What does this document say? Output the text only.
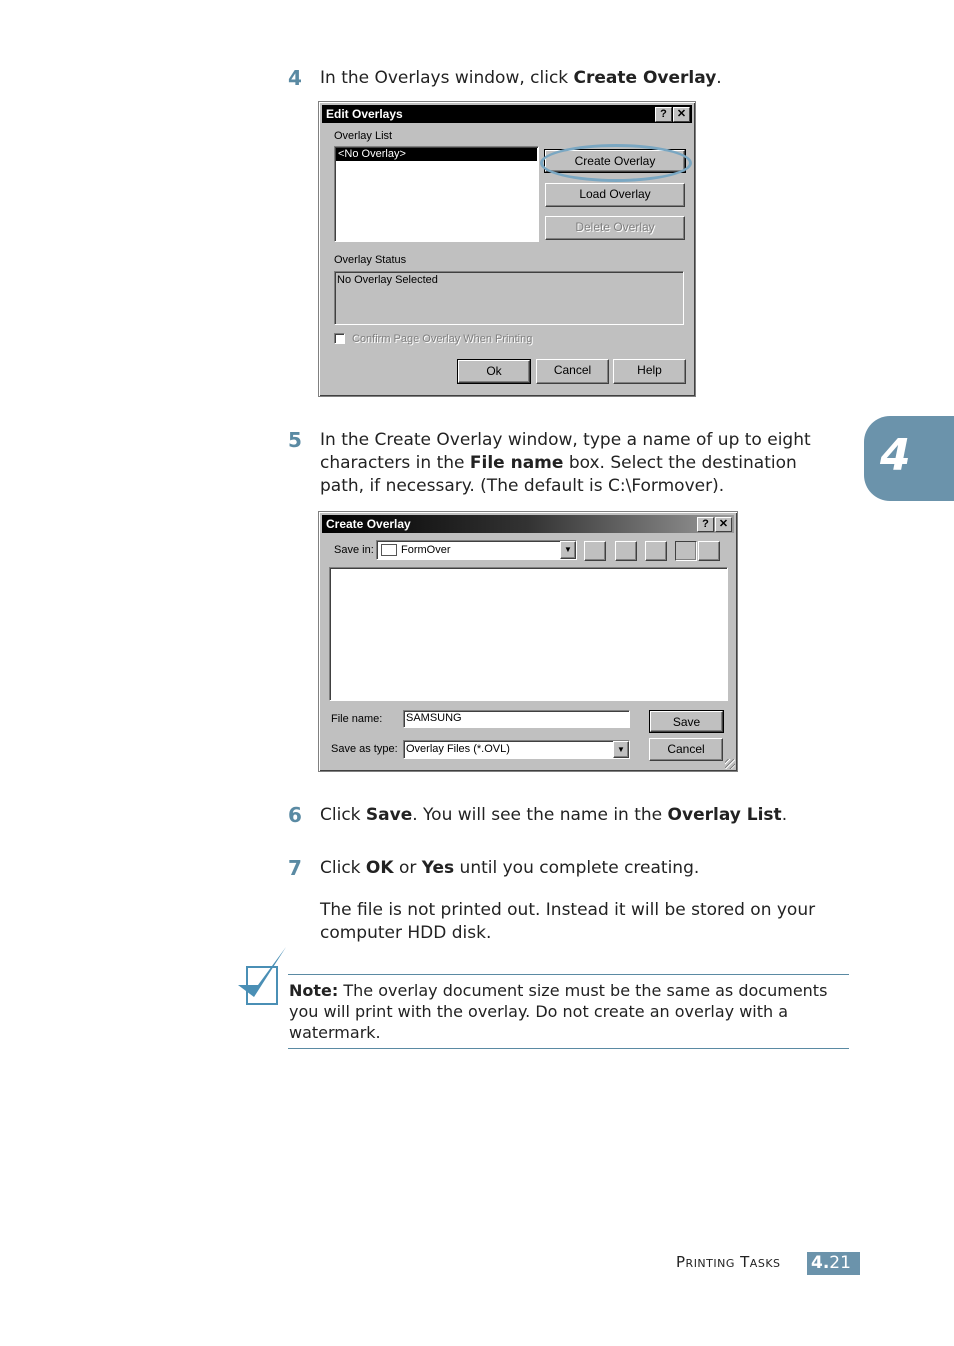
4
4 In the Overlays window, click Create Overlay.
Edit Overlays	? ✕
Overlay List
<No Overlay>	Create Overlay
Load Overlay
Delete Overlay
Overlay Status
No Overlay Selected
Confirm Page Overlay When Printing
Ok	Cancel	Help
5 In the Create Overlay window, type a name of up to eight
characters in the File name box. Select the destination
path, if necessary. (The default is C:\Formover).
Create Overlay	? ✕
Save in: FormOver	▼
File name: SAMSUNG
Save as type: Overlay Files (*.OVL)	▼
Save
Cancel
6 Click Save. You will see the name in the Overlay List.
7 Click OK or Yes until you complete creating.
The file is not printed out. Instead it will be stored on your
computer HDD disk.
Note: The overlay document size must be the same as documents
you will print with the overlay. Do not create an overlay with a
watermark.
Printing Tasks 4.21
